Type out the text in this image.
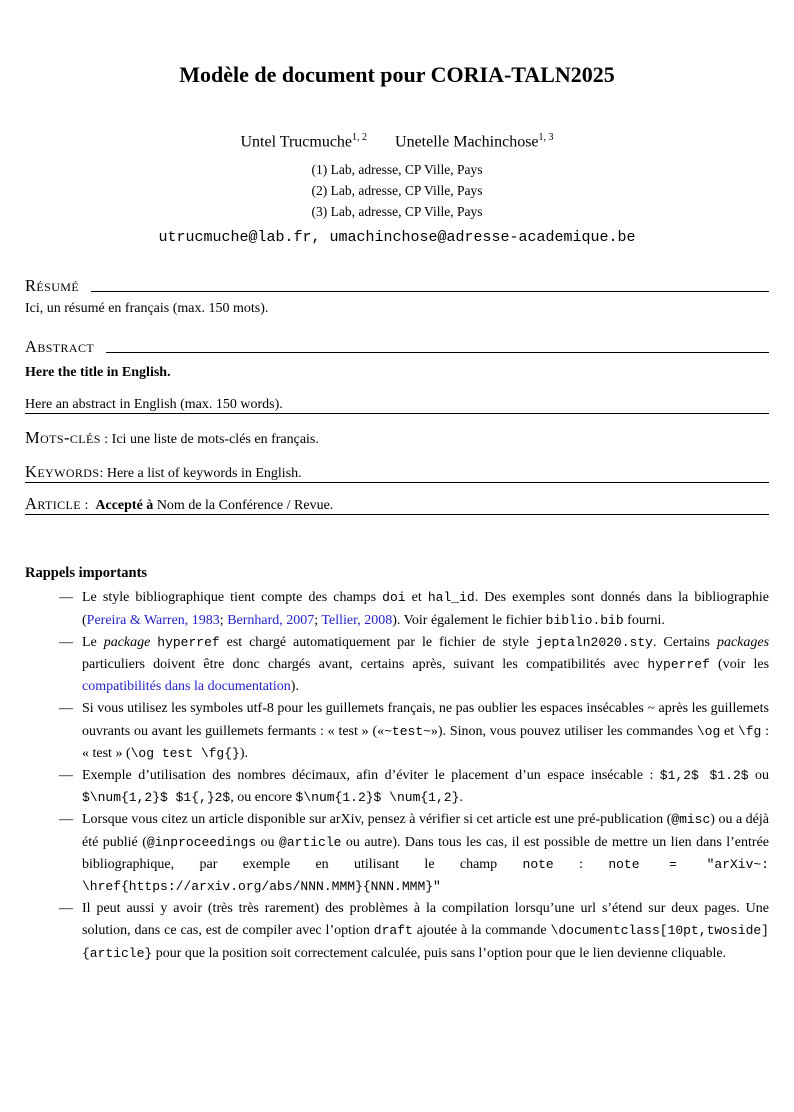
Modèle de document pour CORIA-TALN2025
Untel Trucmuche$^{1, 2}$ Unetelle Machinchose$^{1, 3}$
(1) Lab, adresse, CP Ville, Pays
(2) Lab, adresse, CP Ville, Pays
(3) Lab, adresse, CP Ville, Pays
utrucmuche@lab.fr, umachinchose@adresse-academique.be
Résumé

Ici, un résumé en français (max. 150 mots).

Abstract

Here the title in English.

Here an abstract in English (max. 150 words).

Mots-clés : Ici une liste de mots-clés en français.

Keywords: Here a list of keywords in English.

Article : Accepté à Nom de la Conférence / Revue.

Rappels importants
— Le style bibliographique tient compte des champs doi et hal_id. Des exemples sont donnés dans la bibliographie (Pereira & Warren, 1983; Bernhard, 2007; Tellier, 2008). Voir également le fichier biblio.bib fourni.
— Le package hyperref est chargé automatiquement par le fichier de style jeptaln2020.sty. Certains packages particuliers doivent être donc chargés avant, certains après, suivant les compatibilités avec hyperref (voir les compatibilités dans la documentation).
— Si vous utilisez les symboles utf-8 pour les guillemets français, ne pas oublier les espaces insécables ~ après les guillemets ouvrants ou avant les guillemets fermants : « test » («~test~»). Sinon, vous pouvez utiliser les commandes \og et \fg : « test » (\og test \fg{}).
— Exemple d’utilisation des nombres décimaux, afin d’éviter le placement d’un espace insécable : $1,2$ $1.2$ ou $\num{1,2}$ $1{,}2$, ou encore $\num{1.2}$ \num{1,2}.
— Lorsque vous citez un article disponible sur arXiv, pensez à vérifier si cet article est une pré-publication (@misc) ou a déjà été publié (@inproceedings ou @article ou autre). Dans tous les cas, il est possible de mettre un lien dans l’entrée bibliographique, par exemple en utilisant le champ note : note = "arXiv~: \href{https://arxiv.org/abs/NNN.MMM}{NNN.MMM}"
— Il peut aussi y avoir (très très rarement) des problèmes à la compilation lorsqu’une url s’étend sur deux pages. Une solution, dans ce cas, est de compiler avec l’option draft ajoutée à la commande \documentclass[10pt,twoside]{article} pour que la position soit correctement calculée, puis sans l’option pour que le lien devienne cliquable.
